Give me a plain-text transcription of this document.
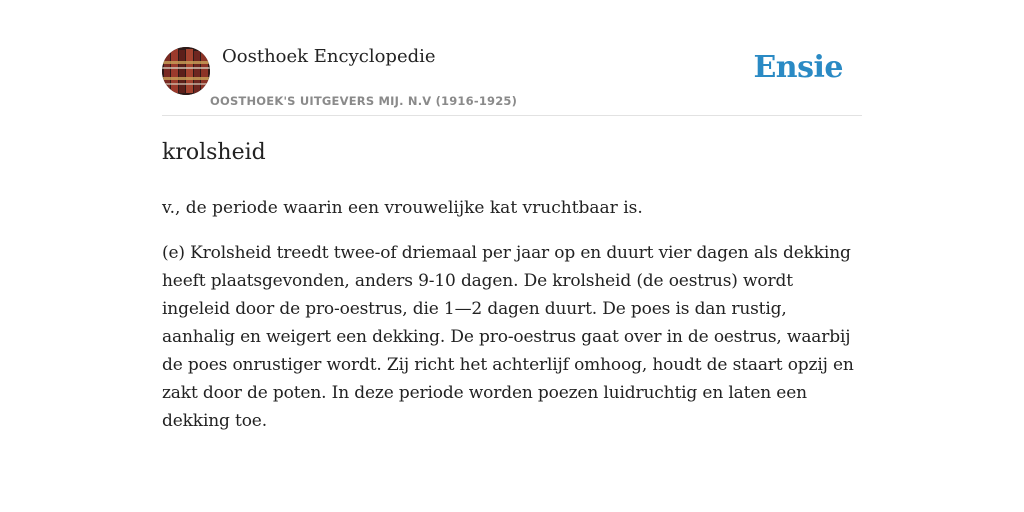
Oosthoek Encyclopedie
OOSTHOEK'S UITGEVERS MIJ. N.V (1916-1925)
Ensie
krolsheid

v., de periode waarin een vrouwelijke kat vruchtbaar is.

(e) Krolsheid treedt twee-of driemaal per jaar op en duurt vier dagen als dekking heeft plaatsgevonden, anders 9-10 dagen. De krolsheid (de oestrus) wordt ingeleid door de pro-oestrus, die 1—2 dagen duurt. De poes is dan rustig, aanhalig en weigert een dekking. De pro-oestrus gaat over in de oestrus, waarbij de poes onrustiger wordt. Zij richt het achterlijf omhoog, houdt de staart opzij en zakt door de poten. In deze periode worden poezen luidruchtig en laten een dekking toe.
